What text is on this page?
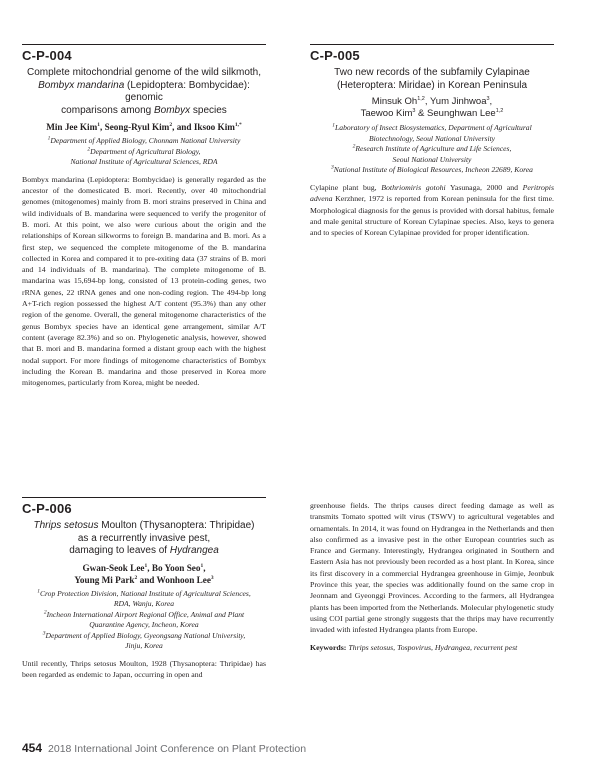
C-P-004
Complete mitochondrial genome of the wild silkmoth,
Bombyx mandarina (Lepidoptera: Bombycidae): genomic
comparisons among Bombyx species
Min Jee Kim$^1$, Seong-Ryul Kim$^2$, and Iksoo Kim$^{1,*}$
$^1$Department of Applied Biology, Chonnam National University
$^2$Department of Agricultural Biology,
National Institute of Agricultural Sciences, RDA

Bombyx mandarina (Lepidoptera: Bombycidae) is generally regarded as the ancestor of the domesticated B. mori. Recently, over 40 mitochondrial genomes (mitogenomes) mainly from B. mori strains preserved in China and wild individuals of B. mandarina were sequenced to verify the progenitor of B. mori. At this point, we also were curious about the origin and the relationships of Korean silkworms to foreign B. mandarina and B. mori. As a first step, we sequenced the complete mitogenome of the B. mandarina collected in Korea and compared it to pre-exiting data (37 strains of B. mori and 14 individuals of B. mandarina). The complete mitogenome of B. mandarina was 15,694-bp long, consisted of 13 protein-coding genes, two rRNA genes, 22 tRNA genes and one non-coding region. The 494-bp long A+T-rich region possessed the highest A/T content (95.3%) than any other region of the genome. Overall, the general mitogenome characteristics of the genus Bombyx species have an identical gene arrangement, similar A/T content (average 82.3%) and so on. Phylogenetic analysis, however, showed that B. mori and B. mandarina formed a distant group each with the highest nodal support. For more findings of mitogenome characteristics of Bombyx including the Korean B. mandarina and those preserved in Korea more mitogenomes, particularly from Korea, might be needed.

C-P-005
Two new records of the subfamily Cylapinae
(Heteroptera: Miridae) in Korean Peninsula
Minsuk Oh$^{1,2}$, Yum Jinhwoa$^3$,
Taewoo Kim$^3$ & Seunghwan Lee$^{1,2}$
$^1$Laboratory of Insect Biosystematics, Department of Agricultural
Biotechnology, Seoul National University
$^2$Research Institute of Agriculture and Life Sciences,
Seoul National University
$^3$National Institute of Biological Resources, Incheon 22689, Korea

Cylapine plant bug, Bothriomiris gotohi Yasunaga, 2000 and Peritropis advena Kerzhner, 1972 is reported from Korean peninsula for the first time. Morphological diagnosis for the genus is provided with dorsal habitus, female and male genital structure of Korean Cylapinae species. Also, keys to genera and to species of Korean Cylapinae provided for proper identification.

C-P-006
Thrips setosus Moulton (Thysanoptera: Thripidae)
as a recurrently invasive pest,
damaging to leaves of Hydrangea
Gwan-Seok Lee$^1$, Bo Yoon Seo$^1$,
Young Mi Park$^2$ and Wonhoon Lee$^3$
$^1$Crop Protection Division, National Institute of Agricultural Sciences,
RDA, Wanju, Korea
$^2$Incheon International Airport Regional Office, Animal and Plant
Quarantine Agency, Incheon, Korea
$^3$Department of Applied Biology, Gyeongsang National University,
Jinju, Korea

Until recently, Thrips setosus Moulton, 1928 (Thysanoptera: Thripidae) has been regarded as endemic to Japan, occurring in open and

greenhouse fields. The thrips causes direct feeding damage as well as transmits Tomato spotted wilt virus (TSWV) to agricultural vegetables and ornamentals. In 2014, it was found on Hydrangea in the Netherlands and then also confirmed as a invasive pest in the other European countries such as France and Germany. Interestingly, Hydrangea originated in Southern and Eastern Asia has not previously been recorded as a host plant. In Korea, since its first discovery in a commercial Hydrangea greenhouse in Gimje, Jeonbuk Province this year, the species was additionally found on the same crop in Jeonnam and Gyeonggi Provinces. According to the farmers, all Hydrangea plants has been imported from the Netherlands. Molecular phylogenetic study using COI partial gene strongly suggests that the thrips may have recurrently invaded with infested Hydrangea plants from Europe.

Keywords: Thrips setosus, Tospovirus, Hydrangea, recurrent pest
454 2018 International Joint Conference on Plant Protection
